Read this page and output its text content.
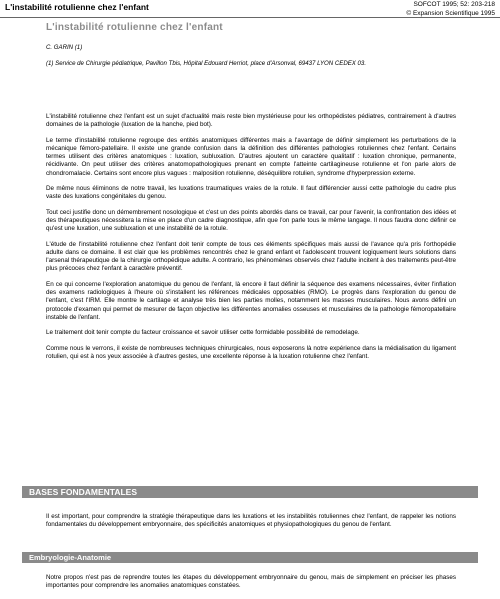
L'instabilité rotulienne chez l'enfant	SOFCOT 1995; 52: 203-218
© Expansion Scientifique 1995
L'instabilité rotulienne chez l'enfant
C. GARIN (1)
(1) Service de Chirurgie pédiatrique, Pavillon Tbis, Hôpital Edouard Herriot, place d'Arsonval, 69437 LYON CEDEX 03.

L'instabilité rotulienne chez l'enfant est un sujet d'actualité mais reste bien mystérieuse pour les orthopédistes pédiatres, contrairement à d'autres domaines de la pathologie (luxation de la hanche, pied bot).

Le terme d'instabilité rotulienne regroupe des entités anatomiques différentes mais a l'avantage de définir simplement les perturbations de la mécanique fémoro-patellaire. Il existe une grande confusion dans la définition des différentes pathologies rotuliennes chez l'enfant. Certains termes utilisent des critères anatomiques : luxation, subluxation. D'autres ajoutent un caractère qualitatif : luxation chronique, permanente, récidivante. On peut utiliser des critères anatomopathologiques prenant en compte l'atteinte cartilagineuse rotulienne et l'on parle alors de chondromalacie. Certains sont encore plus vagues : malposition rotulienne, déséquilibre rotulien, syndrome d'hyperpression externe.

De même nous éliminons de notre travail, les luxations traumatiques vraies de la rotule. Il faut différencier aussi cette pathologie du cadre plus vaste des luxations congénitales du genou.

Tout ceci justifie donc un démembrement nosologique et c'est un des points abordés dans ce travail, car pour l'avenir, la confrontation des idées et des thérapeutiques nécessitera la mise en place d'un cadre diagnostique, afin que l'on parle tous le même langage. Il nous faudra donc définir ce qu'est une luxation, une subluxation et une instabilité de la rotule.

L'étude de l'instabilité rotulienne chez l'enfant doit tenir compte de tous ces éléments spécifiques mais aussi de l'avance qu'a pris l'orthopédie adulte dans ce domaine. Il est clair que les problèmes rencontrés chez le grand enfant et l'adolescent trouvent logiquement leurs solutions dans l'arsenal thérapeutique de la chirurgie orthopédique adulte. A contrario, les phénomènes observés chez l'adulte incitent à des traitements peut-être plus précoces chez l'enfant à caractère préventif.

En ce qui concerne l'exploration anatomique du genou de l'enfant, là encore il faut définir la séquence des examens nécessaires, éviter l'inflation des examens radiologiques à l'heure où s'installent les références médicales opposables (RMO). Le progrès dans l'exploration du genou de l'enfant, c'est l'IRM. Elle montre le cartilage et analyse très bien les parties molles, notamment les masses musculaires. Nous avons défini un protocole d'examen qui permet de mesurer de façon objective les différentes anomalies osseuses et musculaires de la pathologie fémoropatellaire instable de l'enfant.

Le traitement doit tenir compte du facteur croissance et savoir utiliser cette formidable possibilité de remodelage.

Comme nous le verrons, il existe de nombreuses techniques chirurgicales, nous exposerons là notre expérience dans la médialisation du ligament rotulien, qui est à nos yeux associée à d'autres gestes, une excellente réponse à la luxation rotulienne chez l'enfant.

BASES FONDAMENTALES

Il est important, pour comprendre la stratégie thérapeutique dans les luxations et les instabilités rotuliennes chez l'enfant, de rappeler les notions fondamentales du développement embryonnaire, des spécificités anatomiques et physiopathologiques du genou de l'enfant.

Embryologie-Anatomie

Notre propos n'est pas de reprendre toutes les étapes du développement embryonnaire du genou, mais de simplement en préciser les phases importantes pour comprendre les anomalies anatomiques constatées.
